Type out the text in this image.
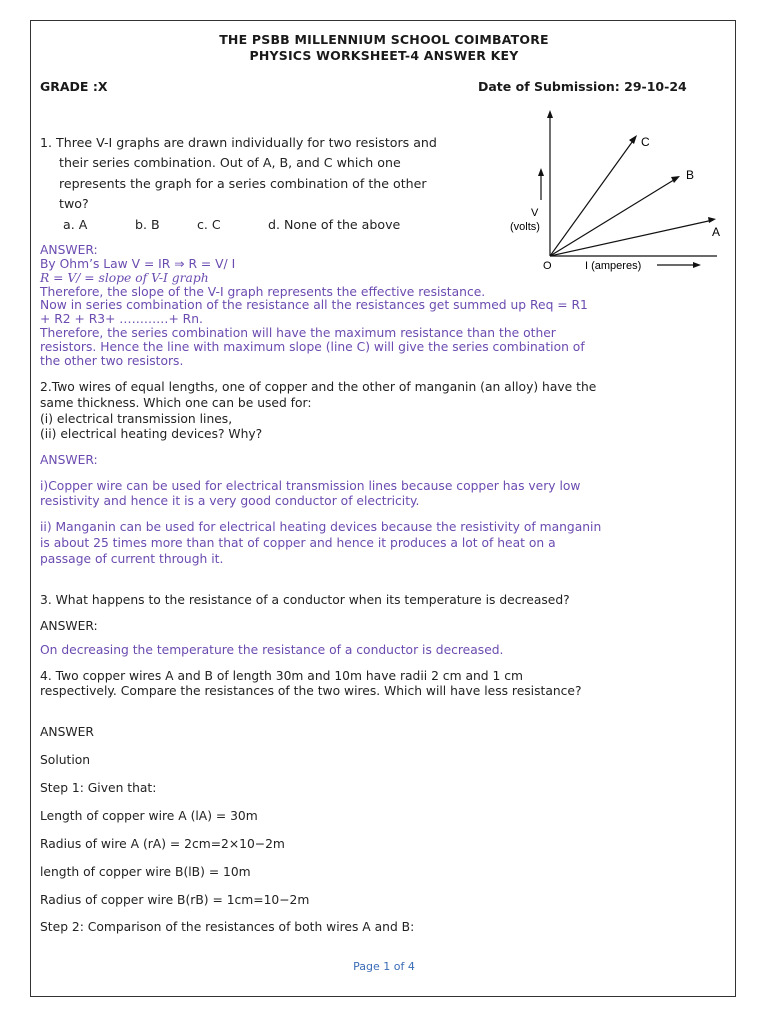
THE PSBB MILLENNIUM SCHOOL COIMBATORE
PHYSICS WORKSHEET-4 ANSWER KEY
GRADE :X	Date of Submission: 29-10-24
1. Three V-I graphs are drawn individually for two resistors and
their series combination. Out of A, B, and C which one
represents the graph for a series combination of the other
two?
a. A	b. B	c. C	d. None of the above
V
(volts)
O	I (amperes)
C
B
A
ANSWER:
By Ohm’s Law V = IR ⇒ R = V/ I
R = V/ = slope of V-I graph
Therefore, the slope of the V-I graph represents the effective resistance.
Now in series combination of the resistance all the resistances get summed up Req = R1
+ R2 + R3+ …………+ Rn.
Therefore, the series combination will have the maximum resistance than the other
resistors. Hence the line with maximum slope (line C) will give the series combination of
the other two resistors.
2.Two wires of equal lengths, one of copper and the other of manganin (an alloy) have the
same thickness. Which one can be used for:
(i) electrical transmission lines,
(ii) electrical heating devices? Why?
ANSWER:
i)Copper wire can be used for electrical transmission lines because copper has very low
resistivity and hence it is a very good conductor of electricity.
ii) Manganin can be used for electrical heating devices because the resistivity of manganin
is about 25 times more than that of copper and hence it produces a lot of heat on a
passage of current through it.
3. What happens to the resistance of a conductor when its temperature is decreased?
ANSWER:
On decreasing the temperature the resistance of a conductor is decreased.
4. Two copper wires A and B of length 30m and 10m have radii 2 cm and 1 cm
respectively. Compare the resistances of the two wires. Which will have less resistance?
ANSWER
Solution
Step 1: Given that:
Length of copper wire A (lA) = 30m
Radius of wire A (rA) = 2cm=2×10−2m
length of copper wire B(lB) = 10m
Radius of copper wire B(rB) = 1cm=10−2m
Step 2: Comparison of the resistances of both wires A and B:
Page 1 of 4
